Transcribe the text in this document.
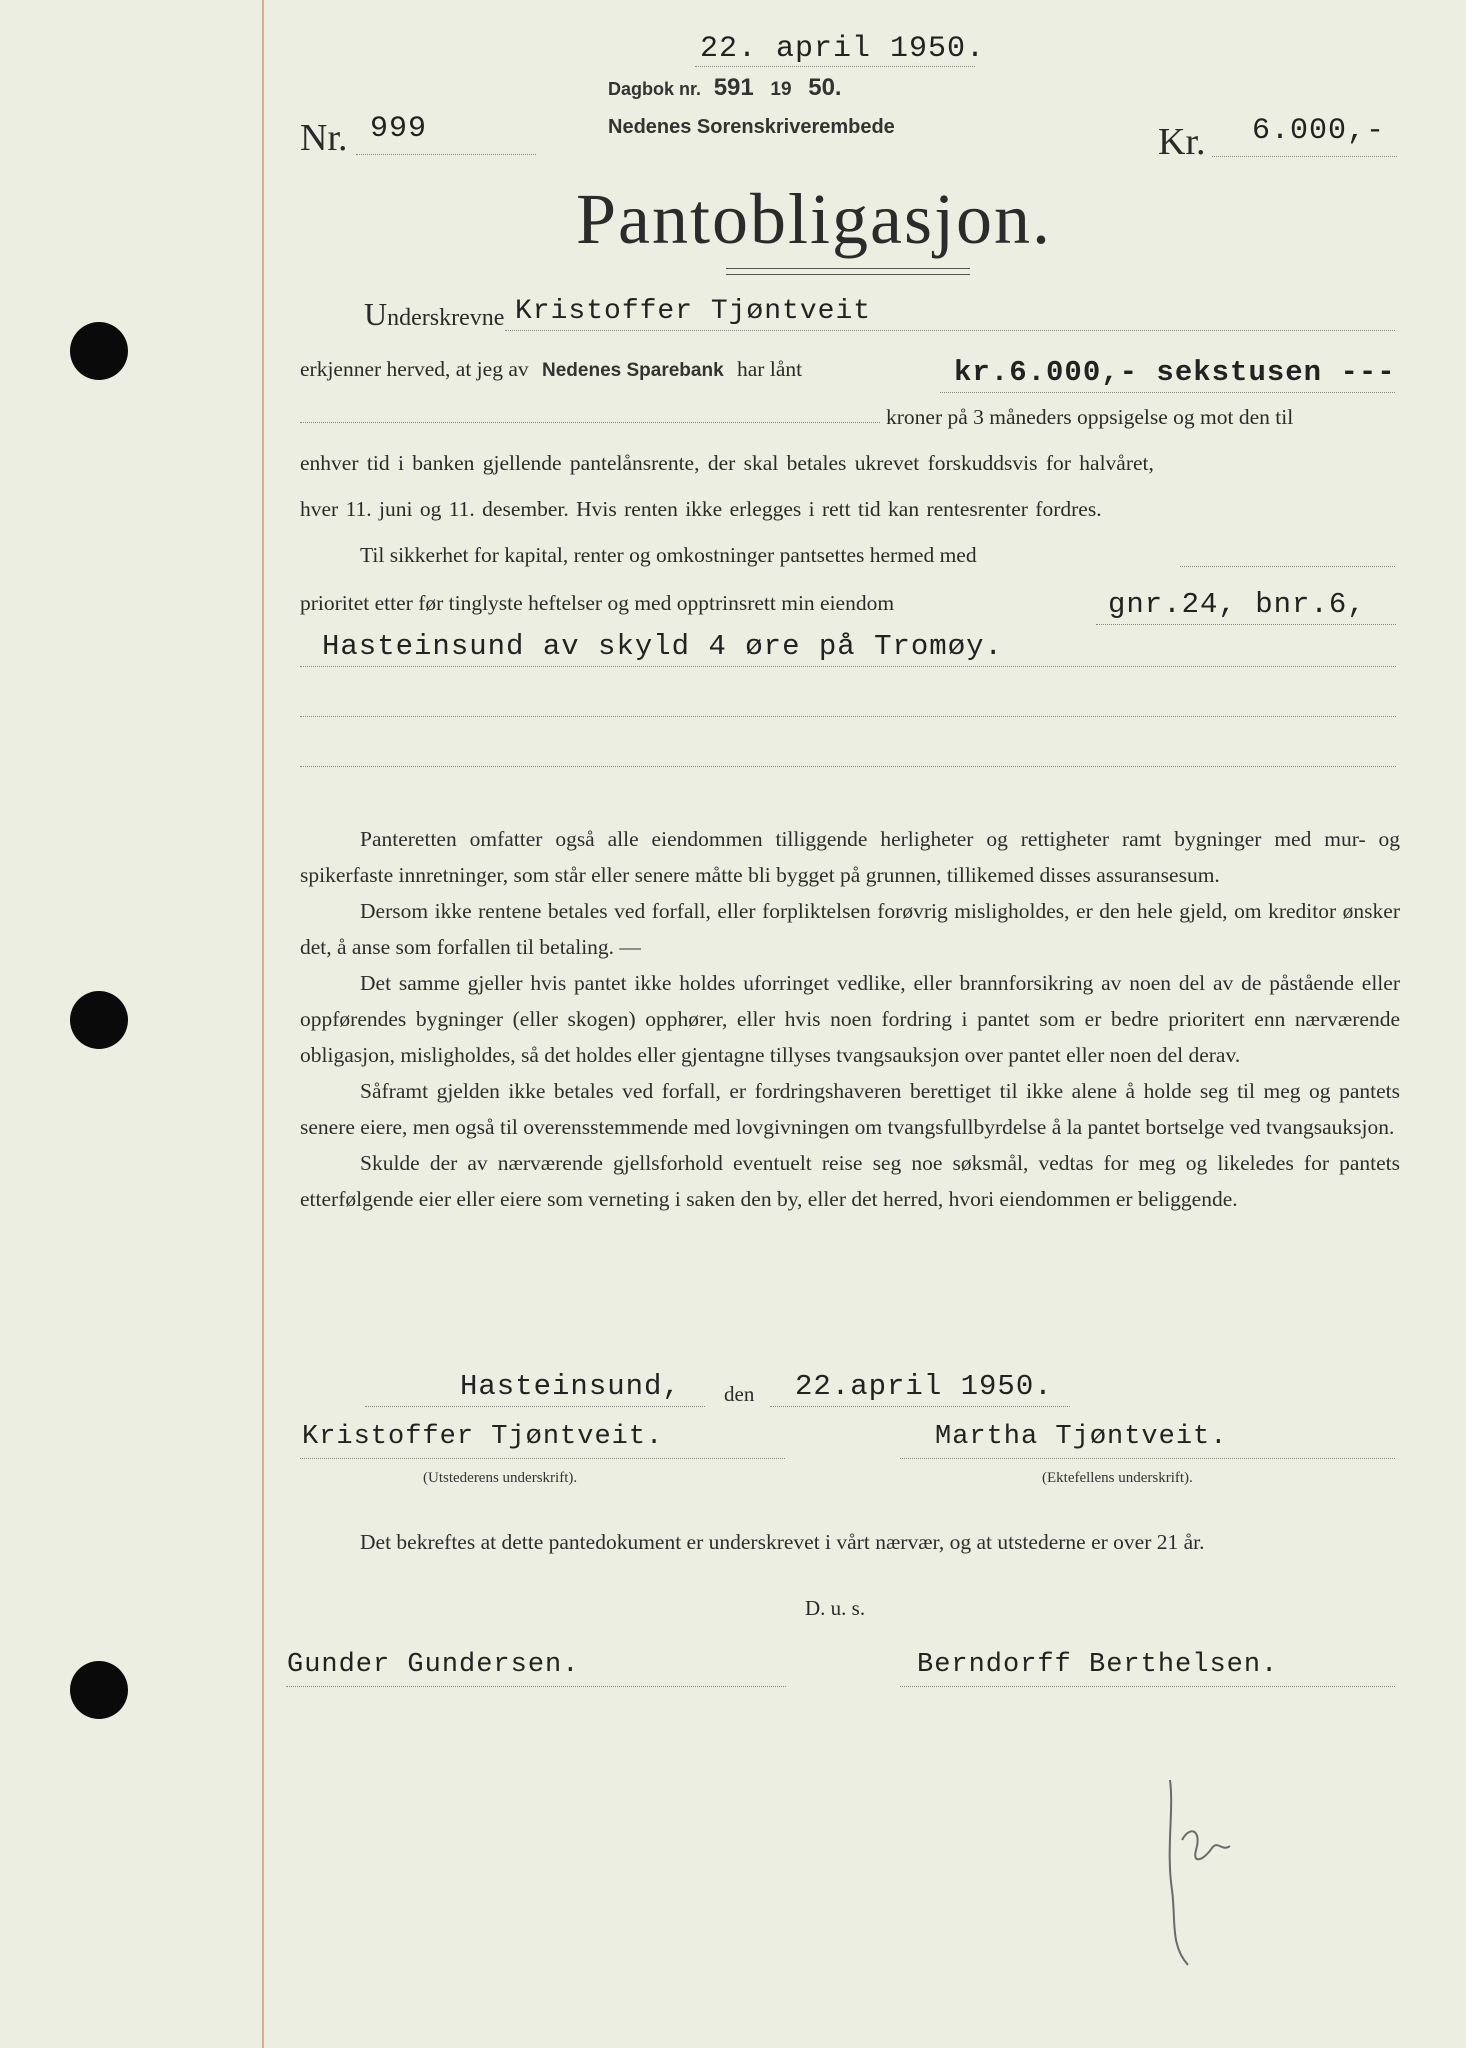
22. april 1950.
Dagbok nr. 591 19 50.
Nedenes Sorenskriverembede
Nr. 999	Kr. 6.000,-
Pantobligasjon.
Underskrevne Kristoffer Tjøntveit
erkjenner herved, at jeg av Nedenes Sparebank har lånt	kr.6.000,- sekstusen ---
kroner på 3 måneders oppsigelse og mot den til
enhver tid i banken gjellende pantelånsrente, der skal betales ukrevet forskuddsvis for halvåret,
hver 11. juni og 11. desember. Hvis renten ikke erlegges i rett tid kan rentesrenter fordres.
Til sikkerhet for kapital, renter og omkostninger pantsettes hermed med
prioritet etter før tinglyste heftelser og med opptrinsrett min eiendom	gnr.24, bnr.6,
Hasteinsund av skyld 4 øre på Tromøy.

Panteretten omfatter også alle eiendommen tilliggende herligheter og rettigheter ramt bygninger med mur- og spikerfaste innretninger, som står eller senere måtte bli bygget på grunnen, tillikemed disses assuransesum.

Dersom ikke rentene betales ved forfall, eller forpliktelsen forøvrig misligholdes, er den hele gjeld, om kreditor ønsker det, å anse som forfallen til betaling. —

Det samme gjeller hvis pantet ikke holdes uforringet vedlike, eller brannforsikring av noen del av de påstående eller oppførendes bygninger (eller skogen) opphører, eller hvis noen fordring i pantet som er bedre prioritert enn nærværende obligasjon, misligholdes, så det holdes eller gjentagne tillyses tvangsauksjon over pantet eller noen del derav.

Såframt gjelden ikke betales ved forfall, er fordringshaveren berettiget til ikke alene å holde seg til meg og pantets senere eiere, men også til overensstemmende med lovgivningen om tvangsfullbyrdelse å la pantet bortselge ved tvangsauksjon.

Skulde der av nærværende gjellsforhold eventuelt reise seg noe søksmål, vedtas for meg og likeledes for pantets etterfølgende eier eller eiere som verneting i saken den by, eller det herred, hvori eiendommen er beliggende.

Hasteinsund, den 22.april 1950.
Kristoffer Tjøntveit.
(Utstederens underskrift).
Martha Tjøntveit.
(Ektefellens underskrift).

Det bekreftes at dette pantedokument er underskrevet i vårt nærvær, og at utstederne er over 21 år.

D. u. s.
Gunder Gundersen.	Berndorff Berthelsen.
